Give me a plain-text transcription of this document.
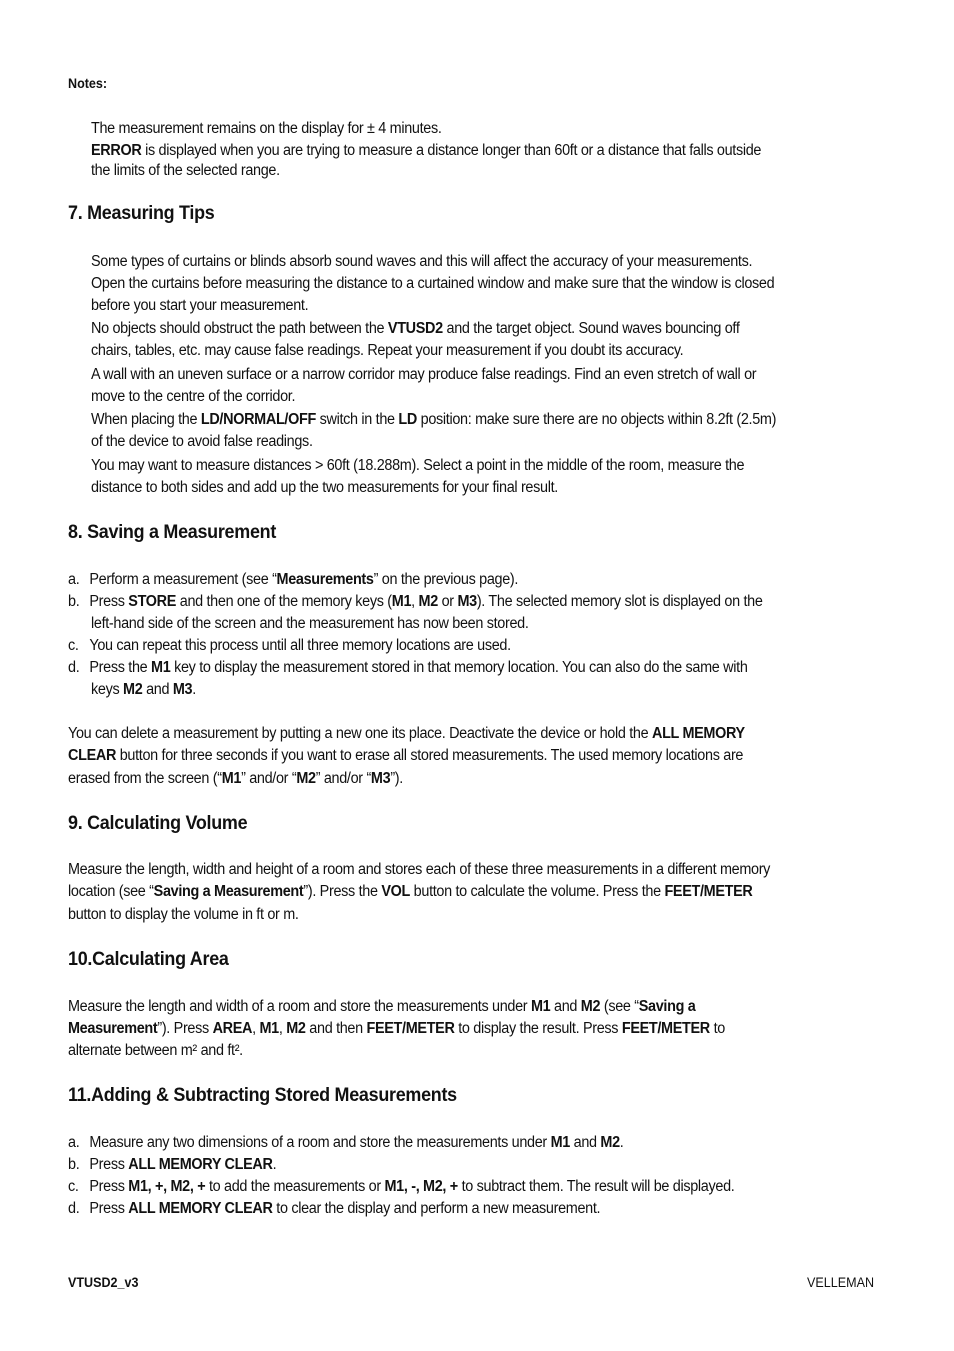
Notes:
The measurement remains on the display for ± 4 minutes.
ERROR is displayed when you are trying to measure a distance longer than 60ft or a distance that falls outside
the limits of the selected range.
7. Measuring Tips
Some types of curtains or blinds absorb sound waves and this will affect the accuracy of your measurements.
Open the curtains before measuring the distance to a curtained window and make sure that the window is closed
before you start your measurement.
No objects should obstruct the path between the VTUSD2 and the target object. Sound waves bouncing off
chairs, tables, etc. may cause false readings. Repeat your measurement if you doubt its accuracy.
A wall with an uneven surface or a narrow corridor may produce false readings. Find an even stretch of wall or
move to the centre of the corridor.
When placing the LD/NORMAL/OFF switch in the LD position: make sure there are no objects within 8.2ft (2.5m)
of the device to avoid false readings.
You may want to measure distances > 60ft (18.288m). Select a point in the middle of the room, measure the
distance to both sides and add up the two measurements for your final result.
8. Saving a Measurement
a. Perform a measurement (see “Measurements” on the previous page).
b. Press STORE and then one of the memory keys (M1, M2 or M3). The selected memory slot is displayed on the
left-hand side of the screen and the measurement has now been stored.
c. You can repeat this process until all three memory locations are used.
d. Press the M1 key to display the measurement stored in that memory location. You can also do the same with
keys M2 and M3.
You can delete a measurement by putting a new one its place. Deactivate the device or hold the ALL MEMORY
CLEAR button for three seconds if you want to erase all stored measurements. The used memory locations are
erased from the screen (“M1” and/or “M2” and/or “M3”).
9. Calculating Volume
Measure the length, width and height of a room and stores each of these three measurements in a different memory
location (see “Saving a Measurement”). Press the VOL button to calculate the volume. Press the FEET/METER
button to display the volume in ft or m.
10.Calculating Area
Measure the length and width of a room and store the measurements under M1 and M2 (see “Saving a
Measurement”). Press AREA, M1, M2 and then FEET/METER to display the result. Press FEET/METER to
alternate between m² and ft².
11.Adding & Subtracting Stored Measurements
a. Measure any two dimensions of a room and store the measurements under M1 and M2.
b. Press ALL MEMORY CLEAR.
c. Press M1, +, M2, + to add the measurements or M1, -, M2, + to subtract them. The result will be displayed.
d. Press ALL MEMORY CLEAR to clear the display and perform a new measurement.
VTUSD2_v3	VELLEMAN
